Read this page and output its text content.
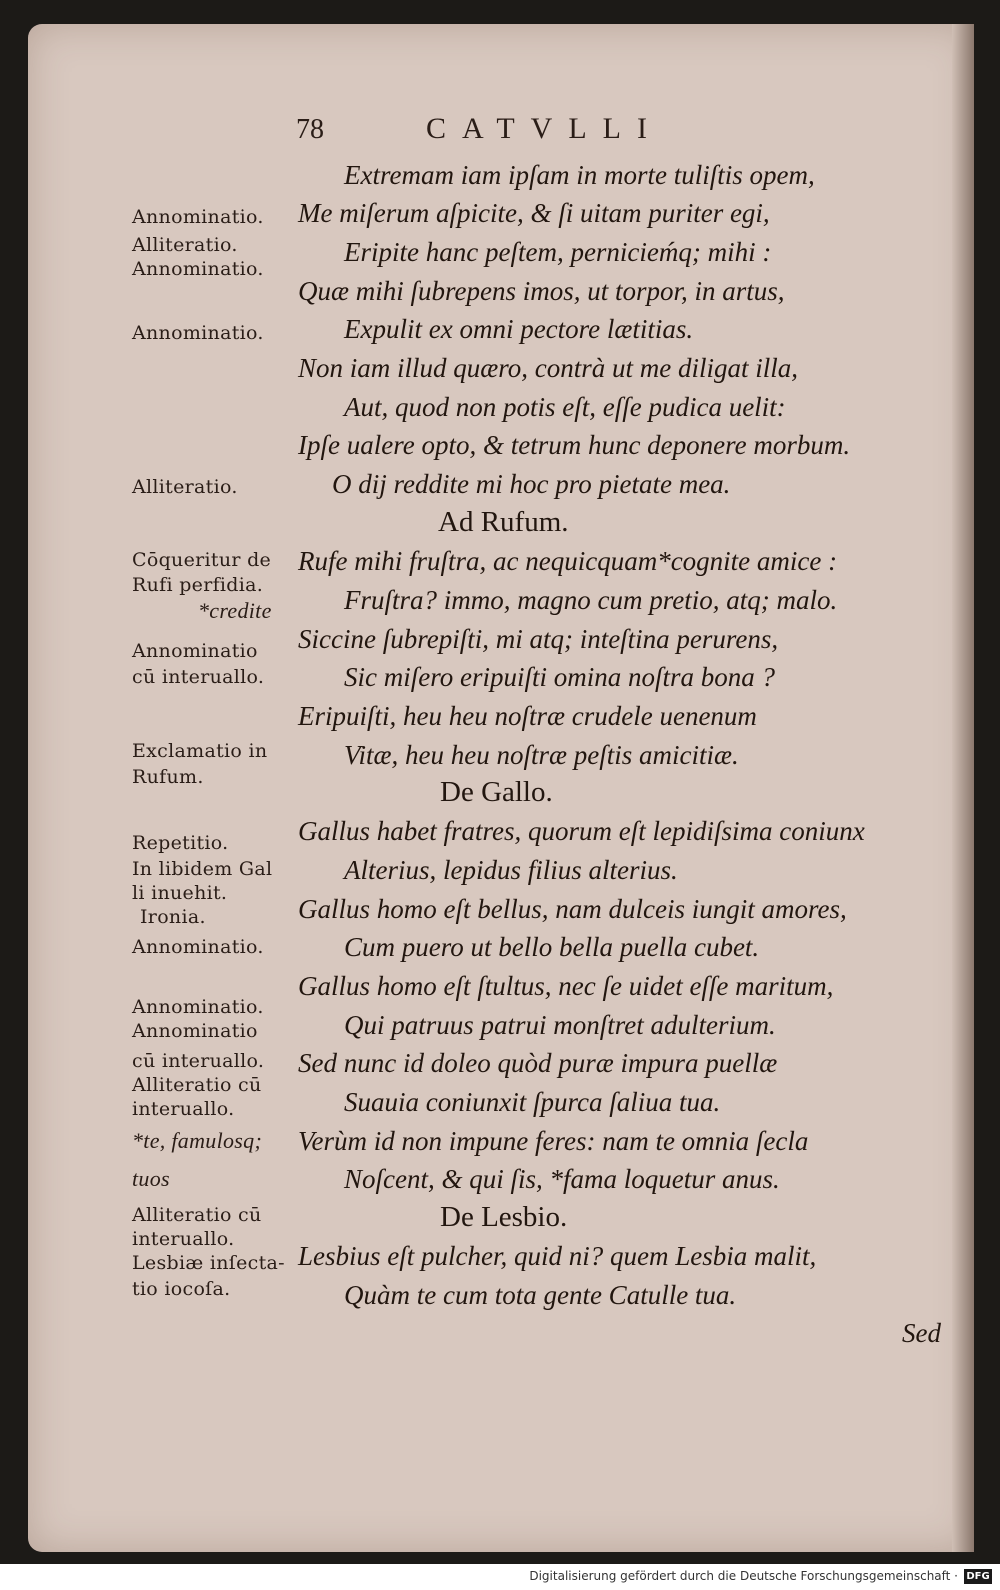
78	CATVLLI
Extremam iam ipſam in morte tuliſtis opem,
Me miſerum aſpicite, & ſi uitam puriter egi,
Eripite hanc peſtem, pernicieḿq; mihi :
Quæ mihi ſubrepens imos, ut torpor, in artus,
Expulit ex omni pectore lætitias.
Non iam illud quæro, contrà ut me diligat illa,
Aut, quod non potis eſt, eſſe pudica uelit:
Ipſe ualere opto, & tetrum hunc deponere morbum.
O dij reddite mi hoc pro pietate mea.
Ad Rufum.
Rufe mihi fruſtra, ac nequicquam*cognite amice :
Fruſtra? immo, magno cum pretio, atq; malo.
Siccine ſubrepiſti, mi atq; inteſtina perurens,
Sic miſero eripuiſti omina noſtra bona ?
Eripuiſti, heu heu noſtræ crudele uenenum
Vitæ, heu heu noſtræ peſtis amicitiæ.
De Gallo.
Gallus habet fratres, quorum eſt lepidiſsima coniunx
Alterius, lepidus filius alterius.
Gallus homo eſt bellus, nam dulceis iungit amores,
Cum puero ut bello bella puella cubet.
Gallus homo eſt ſtultus, nec ſe uidet eſſe maritum,
Qui patruus patrui monſtret adulterium.
Sed nunc id doleo quòd puræ impura puellæ
Suauia coniunxit ſpurca ſaliua tua.
Verùm id non impune feres: nam te omnia ſecla
Noſcent, & qui ſis, *fama loquetur anus.
De Lesbio.
Lesbius eſt pulcher, quid ni? quem Lesbia malit,
Quàm te cum tota gente Catulle tua.
Sed
Annominatio.
Alliteratio.
Annominatio.
Annominatio.
Alliteratio.
Cōqueritur de
Rufi perfidia.
*credite
Annominatio
cū interuallo.
Exclamatio in
Rufum.
Repetitio.
In libidem Gal
li inuehit.
Ironia.
Annominatio.
Annominatio.
Annominatio
cū interuallo.
Alliteratio cū
interuallo.
*te, famulosq;
tuos
Alliteratio cū
interuallo.
Lesbiæ inſecta-
tio iocoſa.
Digitalisierung gefördert durch die Deutsche Forschungsgemeinschaft · DFG
